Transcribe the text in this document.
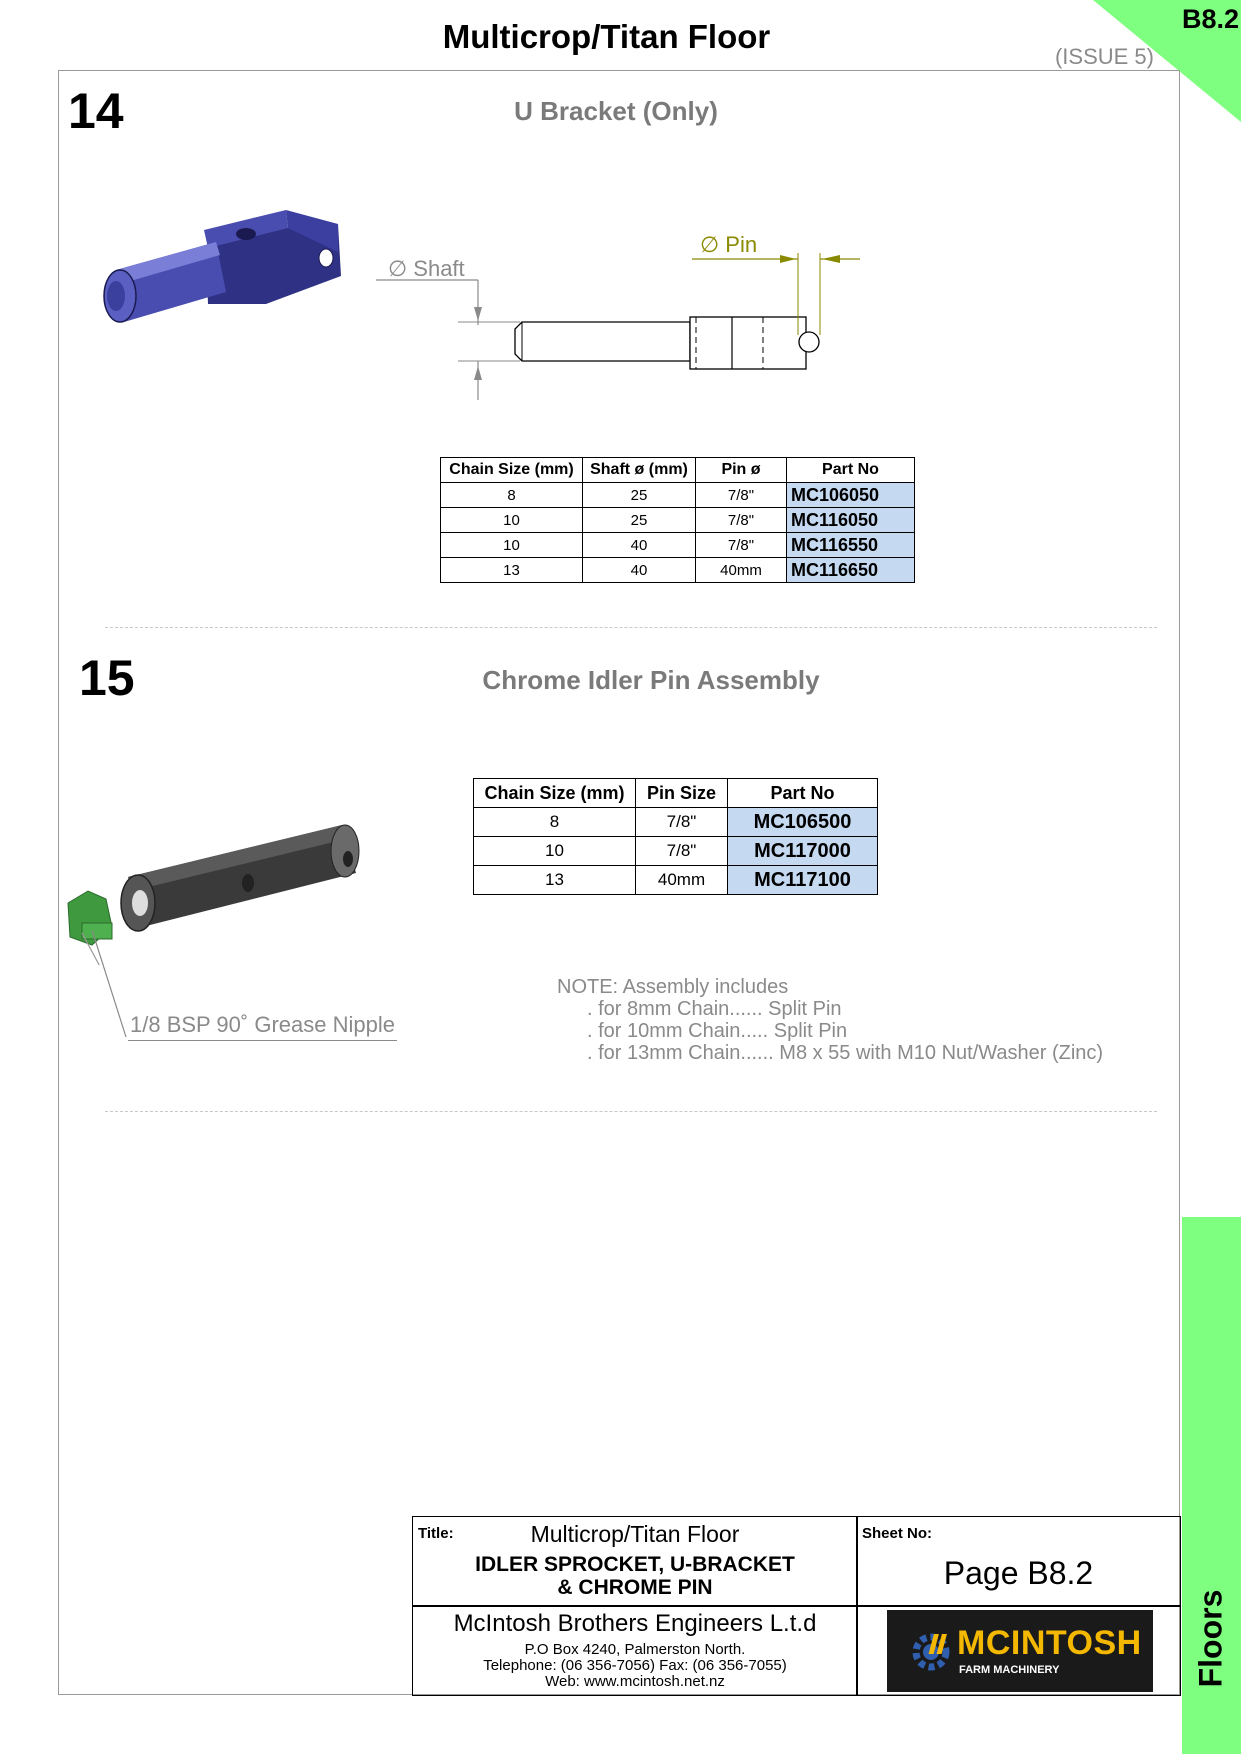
Multicrop/Titan Floor	B8.2
(ISSUE 5)
Floors
14	U Bracket (Only)
∅ Shaft
∅ Pin
Chain Size (mm)	Shaft ø (mm)	Pin ø	Part No
8	25	7/8"	MC106050
10	25	7/8"	MC116050
10	40	7/8"	MC116550
13	40	40mm	MC116650
15	Chrome Idler Pin Assembly
Chain Size (mm)	Pin Size	Part No
8	7/8"	MC106500
10	7/8"	MC117000
13	40mm	MC117100
1/8 BSP 90˚ Grease Nipple
NOTE: Assembly includes
. for 8mm Chain...... Split Pin
. for 10mm Chain..... Split Pin
. for 13mm Chain...... M8 x 55 with M10 Nut/Washer (Zinc)
Title:	Multicrop/Titan Floor
IDLER SPROCKET, U-BRACKET
& CHROME PIN
Sheet No:
Page B8.2
McIntosh Brothers Engineers L.t.d
P.O Box 4240, Palmerston North.
Telephone: (06 356-7056) Fax: (06 356-7055)
Web: www.mcintosh.net.nz
MCINTOSH
FARM MACHINERY
